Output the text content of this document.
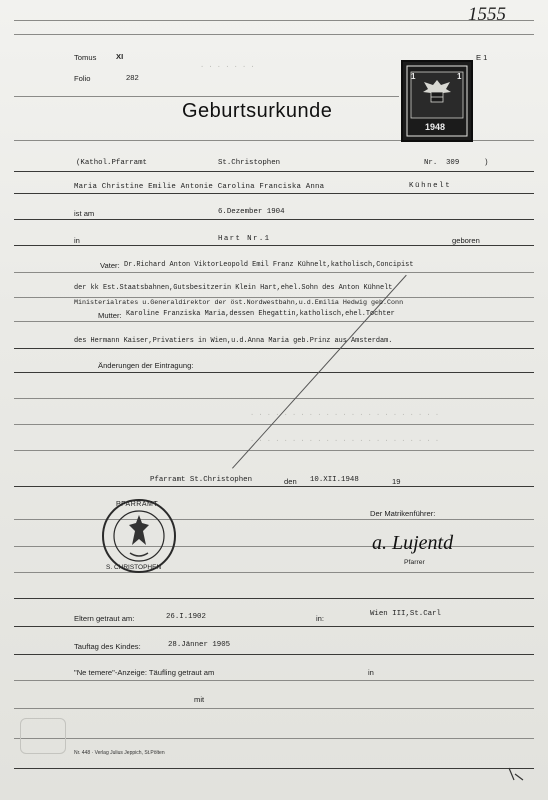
1555
Tomus	XI
Folio	282
E 1
. . . . . . .
Geburtsurkunde
1	1
1948
(Kathol.Pfarramt	St.Christophen	Nr. 309	)
Maria Christine Emilie Antonie Carolina Franciska Anna	Kühnelt
ist am	6.Dezember 1904
in	Hart Nr.1	geboren
Vater: Dr.Richard Anton ViktorLeopold Emil Franz Kühnelt,katholisch,Concipist
der kk Est.Staatsbahnen,Gutsbesitzerin Klein Hart,ehel.Sohn des Anton Kühnelt
Ministerialrates u.Generaldirektor der öst.Nordwestbahn,u.d.Emilia Hedwig geb.Conn
Mutter: Karoline Franziska Maria,dessen Ehegattin,katholisch,ehel.Tochter
des Hermann Kaiser,Privatiers in Wien,u.d.Anna Maria geb.Prinz aus Amsterdam.
Änderungen der Eintragung:
. . . . . . . . . . . . . . . . . . . . . . .
. . . . . . . . . . . . . . . . . . . . . . .
Pfarramt St.Christophen	den 10.XII.1948	19
Der Matrikenführer:
PFARRAMT
S. CHRISTOPHEN
a. Lujentd
Pfarrer
Eltern getraut am:	26.I.1902	in:	Wien III,St.Carl
Tauftag des Kindes:	28.Jänner 1905
"Ne temere"-Anzeige: Täufling getraut am	in
mit
Nr. 448 · Verlag Julius Jeppich, St.Pölten
